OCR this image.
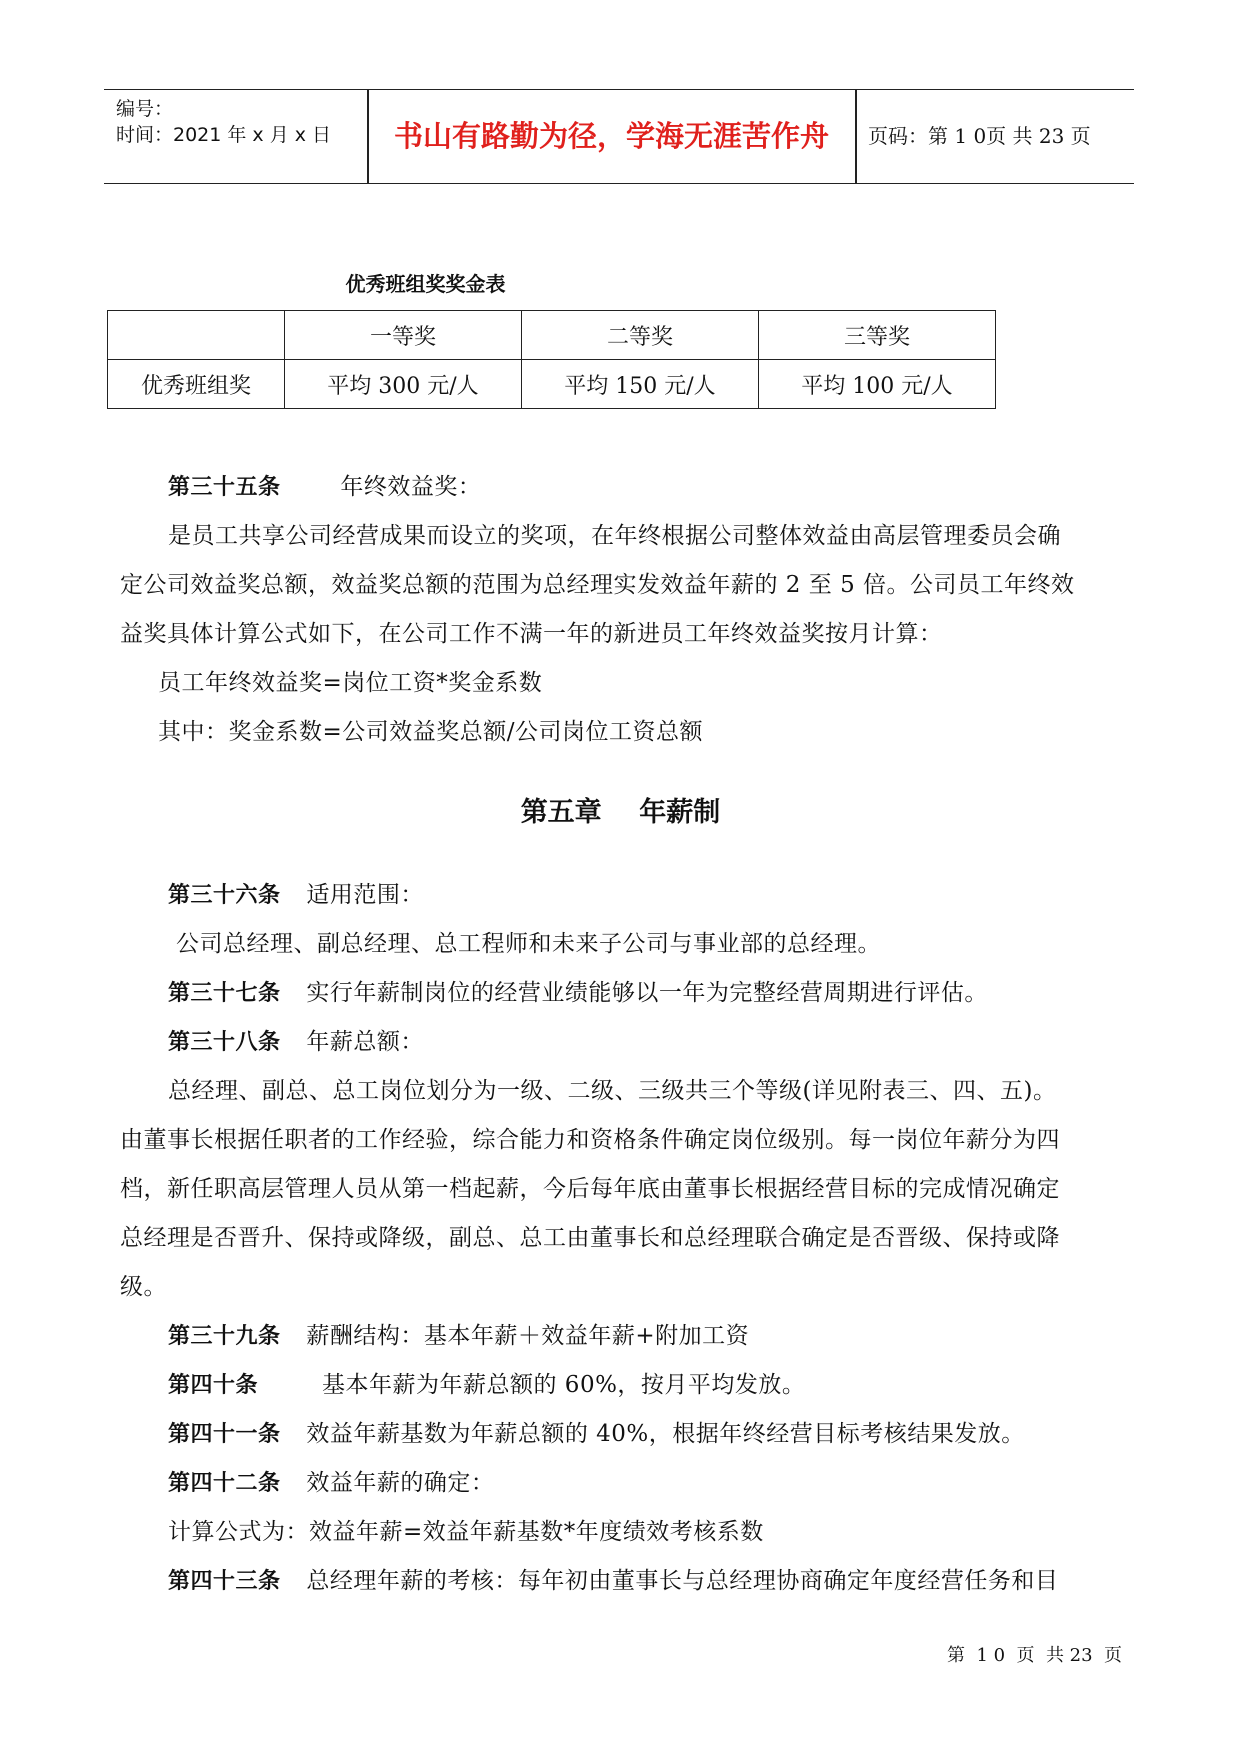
编号：
时间：2021 年 x 月 x 日	书山有路勤为径，学海无涯苦作舟	页码：第 1 0页 共 23 页
优秀班组奖奖金表
	一等奖	二等奖	三等奖
优秀班组奖	平均 300 元/人	平均 150 元/人	平均 100 元/人
第三十五条	年终效益奖：
是员工共享公司经营成果而设立的奖项，在年终根据公司整体效益由高层管理委员会确
定公司效益奖总额，效益奖总额的范围为总经理实发效益年薪的 2 至 5 倍。公司员工年终效
益奖具体计算公式如下，在公司工作不满一年的新进员工年终效益奖按月计算：
员工年终效益奖=岗位工资*奖金系数
其中：奖金系数=公司效益奖总额/公司岗位工资总额
第五章    年薪制
第三十六条 适用范围：
公司总经理、副总经理、总工程师和未来子公司与事业部的总经理。
第三十七条 实行年薪制岗位的经营业绩能够以一年为完整经营周期进行评估。
第三十八条 年薪总额：
总经理、副总、总工岗位划分为一级、二级、三级共三个等级(详见附表三、四、五)。
由董事长根据任职者的工作经验，综合能力和资格条件确定岗位级别。每一岗位年薪分为四
档，新任职高层管理人员从第一档起薪，今后每年底由董事长根据经营目标的完成情况确定
总经理是否晋升、保持或降级，副总、总工由董事长和总经理联合确定是否晋级、保持或降
级。
第三十九条 薪酬结构：基本年薪＋效益年薪+附加工资
第四十条	基本年薪为年薪总额的 60%，按月平均发放。
第四十一条 效益年薪基数为年薪总额的 40%，根据年终经营目标考核结果发放。
第四十二条 效益年薪的确定：
计算公式为：效益年薪=效益年薪基数*年度绩效考核系数
第四十三条 总经理年薪的考核：每年初由董事长与总经理协商确定年度经营任务和目
第  1 0  页  共 23  页
